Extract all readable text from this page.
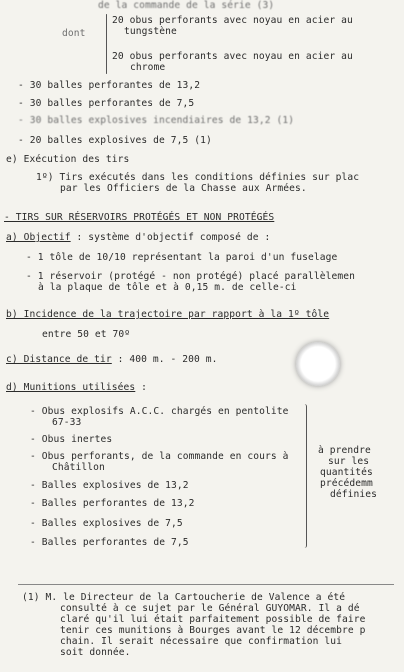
de la commande de la série (3)
dont
20 obus perforants avec noyau en acier au
tungstène
20 obus perforants avec noyau en acier au
chrome
- 30 balles perforantes de 13,2
- 30 balles perforantes de 7,5
- 30 balles explosives incendiaires de 13,2 (1)
- 20 balles explosives de 7,5 (1)
e) Exécution des tirs
1º) Tirs exécutés dans les conditions définies sur plac
par les Officiers de la Chasse aux Armées.
- TIRS SUR RÉSERVOIRS PROTÉGÉS ET NON PROTÉGÉS
a) Objectif : système d'objectif composé de :
- 1 tôle de 10/10 représentant la paroi d'un fuselage
- 1 réservoir (protégé - non protégé) placé parallèlemen
à la plaque de tôle et à 0,15 m. de celle-ci
b) Incidence de la trajectoire par rapport à la 1º tôle
entre 50 et 70º
c) Distance de tir : 400 m. - 200 m.
d) Munitions utilisées :
- Obus explosifs A.C.C. chargés en pentolite
67-33
- Obus inertes
- Obus perforants, de la commande en cours à
Châtillon
- Balles explosives de 13,2
- Balles perforantes de 13,2
- Balles explosives de 7,5
- Balles perforantes de 7,5
à prendre
sur les
quantités
précédemm
définies
(1) M. le Directeur de la Cartoucherie de Valence a été
consulté à ce sujet par le Général GUYOMAR. Il a dé
claré qu'il lui était parfaitement possible de faire
tenir ces munitions à Bourges avant le 12 décembre p
chain. Il serait nécessaire que confirmation lui
soit donnée.
